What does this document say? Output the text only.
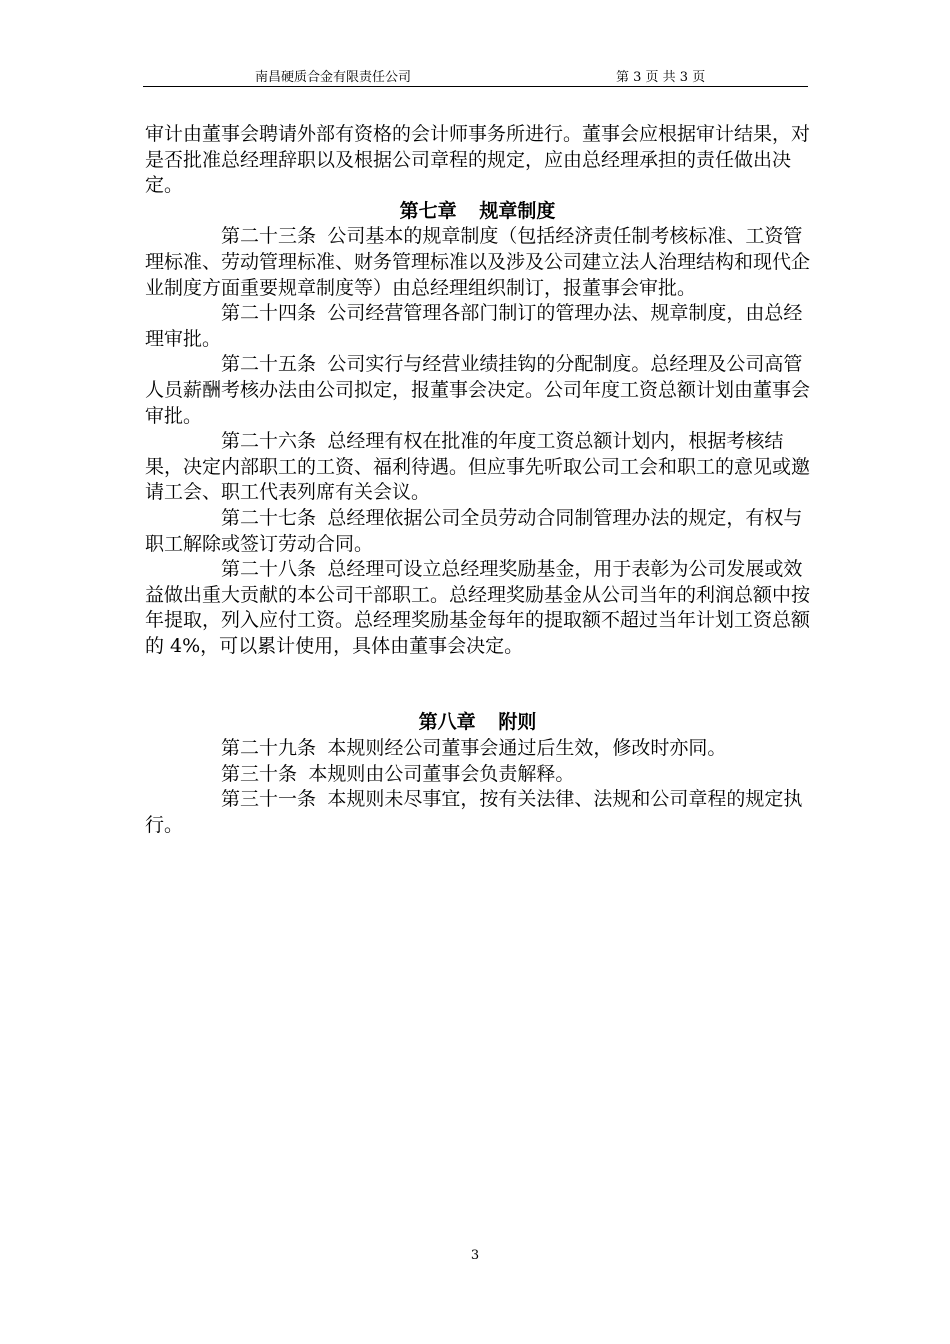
南昌硬质合金有限责任公司	第 3 页 共 3 页

审计由董事会聘请外部有资格的会计师事务所进行。董事会应根据审计结果，对是否批准总经理辞职以及根据公司章程的规定，应由总经理承担的责任做出决定。

第七章 规章制度

第二十三条 公司基本的规章制度（包括经济责任制考核标准、工资管理标准、劳动管理标准、财务管理标准以及涉及公司建立法人治理结构和现代企业制度方面重要规章制度等）由总经理组织制订，报董事会审批。

第二十四条 公司经营管理各部门制订的管理办法、规章制度，由总经理审批。

第二十五条 公司实行与经营业绩挂钩的分配制度。总经理及公司高管人员薪酬考核办法由公司拟定，报董事会决定。公司年度工资总额计划由董事会审批。

第二十六条 总经理有权在批准的年度工资总额计划内，根据考核结果，决定内部职工的工资、福利待遇。但应事先听取公司工会和职工的意见或邀请工会、职工代表列席有关会议。

第二十七条 总经理依据公司全员劳动合同制管理办法的规定，有权与职工解除或签订劳动合同。

第二十八条 总经理可设立总经理奖励基金，用于表彰为公司发展或效益做出重大贡献的本公司干部职工。总经理奖励基金从公司当年的利润总额中按年提取，列入应付工资。总经理奖励基金每年的提取额不超过当年计划工资总额的 4%，可以累计使用，具体由董事会决定。

第八章 附则

第二十九条 本规则经公司董事会通过后生效，修改时亦同。

第三十条 本规则由公司董事会负责解释。

第三十一条 本规则未尽事宜，按有关法律、法规和公司章程的规定执行。

3
